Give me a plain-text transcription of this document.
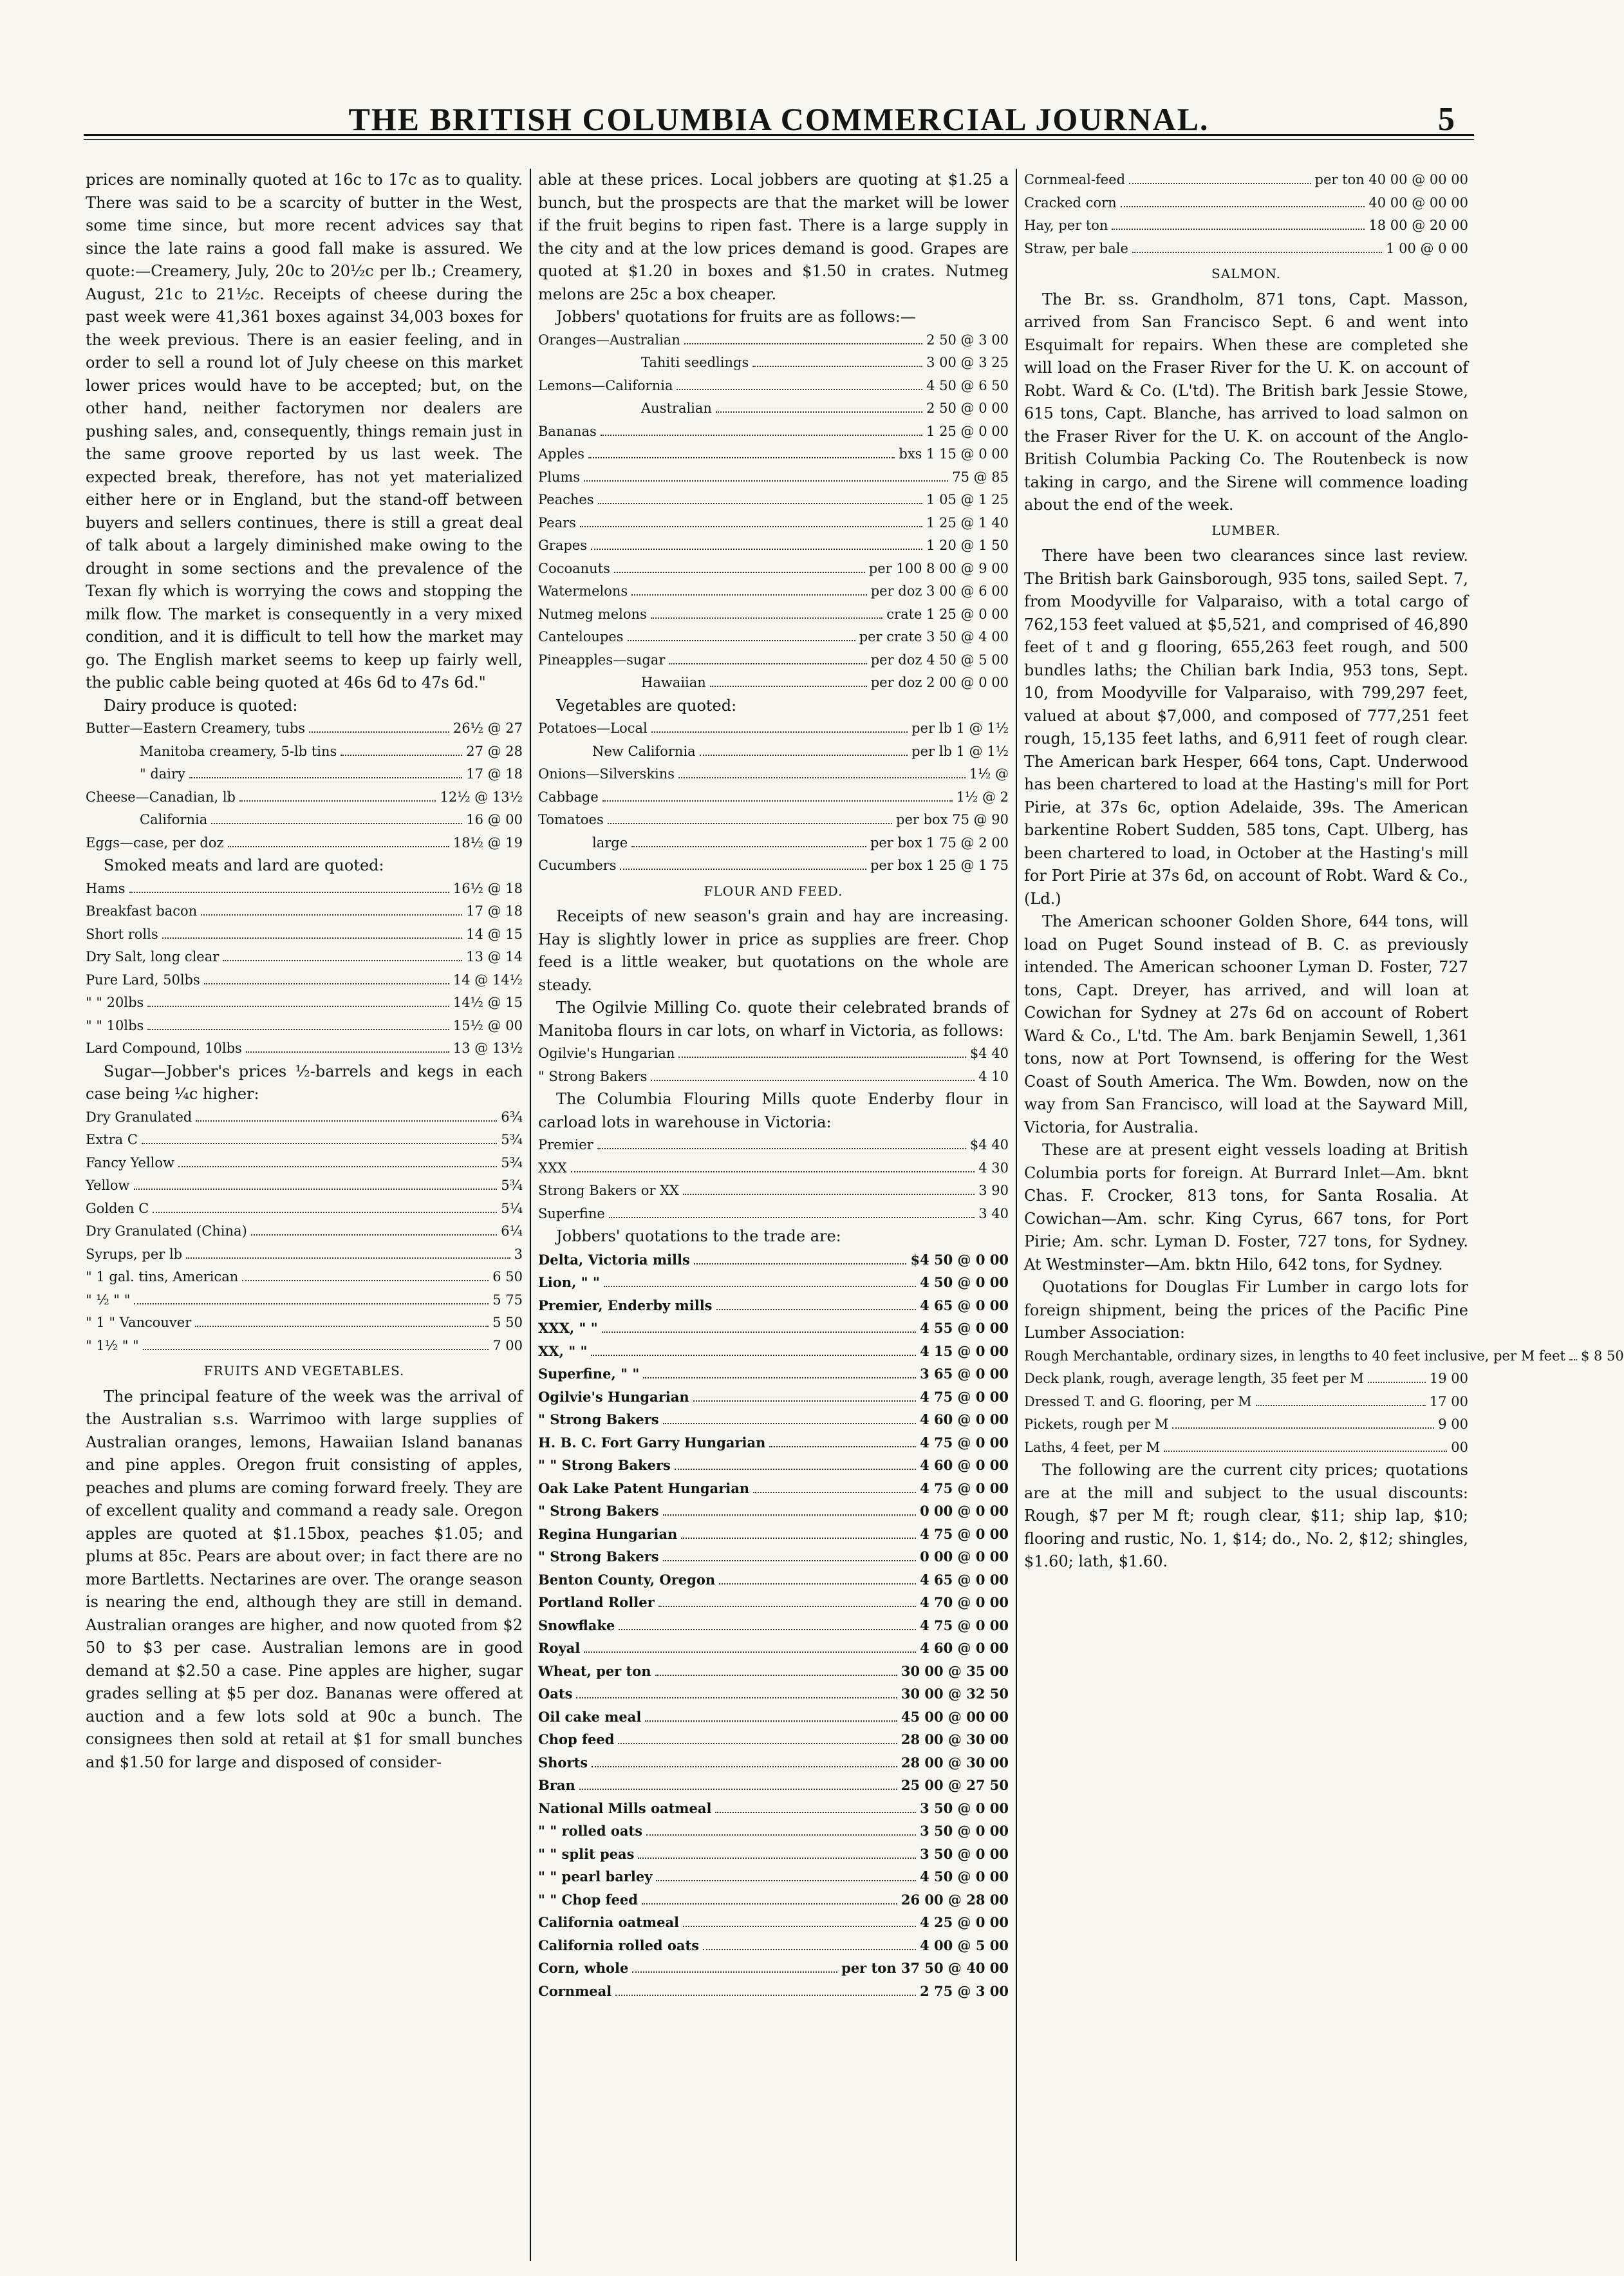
THE BRITISH COLUMBIA COMMERCIAL JOURNAL.	5

prices are nominally quoted at 16c to 17c as to quality. There was said to be a scarcity of butter in the West, some time since, but more recent advices say that since the late rains a good fall make is assured. We quote:—Creamery, July, 20c to 20½c per lb.; Creamery, August, 21c to 21½c. Receipts of cheese during the past week were 41,361 boxes against 34,003 boxes for the week previous. There is an easier feeling, and in order to sell a round lot of July cheese on this market lower prices would have to be accepted; but, on the other hand, neither factorymen nor dealers are pushing sales, and, consequently, things remain just in the same groove reported by us last week. The expected break, therefore, has not yet materialized either here or in England, but the stand-off between buyers and sellers continues, there is still a great deal of talk about a largely diminished make owing to the drought in some sections and the prevalence of the Texan fly which is worrying the cows and stopping the milk flow. The market is consequently in a very mixed condition, and it is difficult to tell how the market may go. The English market seems to keep up fairly well, the public cable being quoted at 46s 6d to 47s 6d."

Dairy produce is quoted:

Butter—Eastern Creamery, tubs	26½ @ 27
Manitoba creamery, 5-lb tins	27 @ 28
" dairy	17 @ 18
Cheese—Canadian, lb	12½ @ 13½
California	16 @ 00
Eggs—case, per doz	18½ @ 19

Smoked meats and lard are quoted:

Hams	16½ @ 18
Breakfast bacon	17 @ 18
Short rolls	14 @ 15
Dry Salt, long clear	13 @ 14
Pure Lard, 50lbs	14 @ 14½
" " 20lbs	14½ @ 15
" " 10lbs	15½ @ 00
Lard Compound, 10lbs	13 @ 13½

Sugar—Jobber's prices ½-barrels and kegs in each case being ¼c higher:

Dry Granulated	6¾
Extra C	5¾
Fancy Yellow	5¾
Yellow	5¾
Golden C	5¼
Dry Granulated (China)	6¼
Syrups, per lb	3
" 1 gal. tins, American	6 50
" ½ " "	5 75
" 1 " Vancouver	5 50
" 1½ " "	7 00
FRUITS AND VEGETABLES.

The principal feature of the week was the arrival of the Australian s.s. Warrimoo with large supplies of Australian oranges, lemons, Hawaiian Island bananas and pine apples. Oregon fruit consisting of apples, peaches and plums are coming forward freely. They are of excellent quality and command a ready sale. Oregon apples are quoted at $1.15box, peaches $1.05; and plums at 85c. Pears are about over; in fact there are no more Bartletts. Nectarines are over. The orange season is nearing the end, although they are still in demand. Australian oranges are higher, and now quoted from $2 50 to $3 per case. Australian lemons are in good demand at $2.50 a case. Pine apples are higher, sugar grades selling at $5 per doz. Bananas were offered at auction and a few lots sold at 90c a bunch. The consignees then sold at retail at $1 for small bunches and $1.50 for large and disposed of consider-

able at these prices. Local jobbers are quoting at $1.25 a bunch, but the prospects are that the market will be lower if the fruit begins to ripen fast. There is a large supply in the city and at the low prices demand is good. Grapes are quoted at $1.20 in boxes and $1.50 in crates. Nutmeg melons are 25c a box cheaper.

Jobbers' quotations for fruits are as follows:—

Oranges—Australian	2 50 @ 3 00
Tahiti seedlings	3 00 @ 3 25
Lemons—California	4 50 @ 6 50
Australian	2 50 @ 0 00
Bananas	1 25 @ 0 00
Apples	bxs 1 15 @ 0 00
Plums	75 @ 85
Peaches	1 05 @ 1 25
Pears	1 25 @ 1 40
Grapes	1 20 @ 1 50
Cocoanuts	per 100 8 00 @ 9 00
Watermelons	per doz 3 00 @ 6 00
Nutmeg melons	crate 1 25 @ 0 00
Canteloupes	per crate 3 50 @ 4 00
Pineapples—sugar	per doz 4 50 @ 5 00
Hawaiian	per doz 2 00 @ 0 00

Vegetables are quoted:

Potatoes—Local	per lb 1 @ 1½
New California	per lb 1 @ 1½
Onions—Silverskins	1½ @
Cabbage	1½ @ 2
Tomatoes	per box 75 @ 90
large	per box 1 75 @ 2 00
Cucumbers	per box 1 25 @ 1 75
FLOUR AND FEED.

Receipts of new season's grain and hay are increasing. Hay is slightly lower in price as supplies are freer. Chop feed is a little weaker, but quotations on the whole are steady.

The Ogilvie Milling Co. quote their celebrated brands of Manitoba flours in car lots, on wharf in Victoria, as follows:

Ogilvie's Hungarian	$4 40
" Strong Bakers	4 10

The Columbia Flouring Mills quote Enderby flour in carload lots in warehouse in Victoria:

Premier	$4 40
XXX	4 30
Strong Bakers or XX	3 90
Superfine	3 40

Jobbers' quotations to the trade are:

Delta, Victoria mills	$4 50 @ 0 00
Lion, " "	4 50 @ 0 00
Premier, Enderby mills	4 65 @ 0 00
XXX, " "	4 55 @ 0 00
XX, " "	4 15 @ 0 00
Superfine, " "	3 65 @ 0 00
Ogilvie's Hungarian	4 75 @ 0 00
" Strong Bakers	4 60 @ 0 00
H. B. C. Fort Garry Hungarian	4 75 @ 0 00
" " Strong Bakers	4 60 @ 0 00
Oak Lake Patent Hungarian	4 75 @ 0 00
" Strong Bakers	0 00 @ 0 00
Regina Hungarian	4 75 @ 0 00
" Strong Bakers	0 00 @ 0 00
Benton County, Oregon	4 65 @ 0 00
Portland Roller	4 70 @ 0 00
Snowflake	4 75 @ 0 00
Royal	4 60 @ 0 00
Wheat, per ton	30 00 @ 35 00
Oats	30 00 @ 32 50
Oil cake meal	45 00 @ 00 00
Chop feed	28 00 @ 30 00
Shorts	28 00 @ 30 00
Bran	25 00 @ 27 50
National Mills oatmeal	3 50 @ 0 00
" " rolled oats	3 50 @ 0 00
" " split peas	3 50 @ 0 00
" " pearl barley	4 50 @ 0 00
" " Chop feed	26 00 @ 28 00
California oatmeal	4 25 @ 0 00
California rolled oats	4 00 @ 5 00
Corn, whole	per ton 37 50 @ 40 00
Cornmeal	2 75 @ 3 00
Cornmeal-feed	per ton 40 00 @ 00 00
Cracked corn	40 00 @ 00 00
Hay, per ton	18 00 @ 20 00
Straw, per bale	1 00 @ 0 00
SALMON.

The Br. ss. Grandholm, 871 tons, Capt. Masson, arrived from San Francisco Sept. 6 and went into Esquimalt for repairs. When these are completed she will load on the Fraser River for the U. K. on account of Robt. Ward & Co. (L'td). The British bark Jessie Stowe, 615 tons, Capt. Blanche, has arrived to load salmon on the Fraser River for the U. K. on account of the Anglo-British Columbia Packing Co. The Routenbeck is now taking in cargo, and the Sirene will commence loading about the end of the week.

LUMBER.

There have been two clearances since last review. The British bark Gainsborough, 935 tons, sailed Sept. 7, from Moodyville for Valparaiso, with a total cargo of 762,153 feet valued at $5,521, and comprised of 46,890 feet of t and g flooring, 655,263 feet rough, and 500 bundles laths; the Chilian bark India, 953 tons, Sept. 10, from Moodyville for Valparaiso, with 799,297 feet, valued at about $7,000, and composed of 777,251 feet rough, 15,135 feet laths, and 6,911 feet of rough clear. The American bark Hesper, 664 tons, Capt. Underwood has been chartered to load at the Hasting's mill for Port Pirie, at 37s 6c, option Adelaide, 39s. The American barkentine Robert Sudden, 585 tons, Capt. Ulberg, has been chartered to load, in October at the Hasting's mill for Port Pirie at 37s 6d, on account of Robt. Ward & Co., (Ld.)

The American schooner Golden Shore, 644 tons, will load on Puget Sound instead of B. C. as previously intended. The American schooner Lyman D. Foster, 727 tons, Capt. Dreyer, has arrived, and will loan at Cowichan for Sydney at 27s 6d on account of Robert Ward & Co., L'td. The Am. bark Benjamin Sewell, 1,361 tons, now at Port Townsend, is offering for the West Coast of South America. The Wm. Bowden, now on the way from San Francisco, will load at the Sayward Mill, Victoria, for Australia.

These are at present eight vessels loading at British Columbia ports for foreign. At Burrard Inlet—Am. bknt Chas. F. Crocker, 813 tons, for Santa Rosalia. At Cowichan—Am. schr. King Cyrus, 667 tons, for Port Pirie; Am. schr. Lyman D. Foster, 727 tons, for Sydney. At Westminster—Am. bktn Hilo, 642 tons, for Sydney.

Quotations for Douglas Fir Lumber in cargo lots for foreign shipment, being the prices of the Pacific Pine Lumber Association:

Rough Merchantable, ordinary sizes, in lengths to 40 feet inclusive, per M feet $ 8 50
Deck plank, rough, average length, 35 feet per M	19 00
Dressed T. and G. flooring, per M	17 00
Pickets, rough per M	9 00
Laths, 4 feet, per M	00

The following are the current city prices; quotations are at the mill and subject to the usual discounts: Rough, $7 per M ft; rough clear, $11; ship lap, $10; flooring and rustic, No. 1, $14; do., No. 2, $12; shingles, $1.60; lath, $1.60.
